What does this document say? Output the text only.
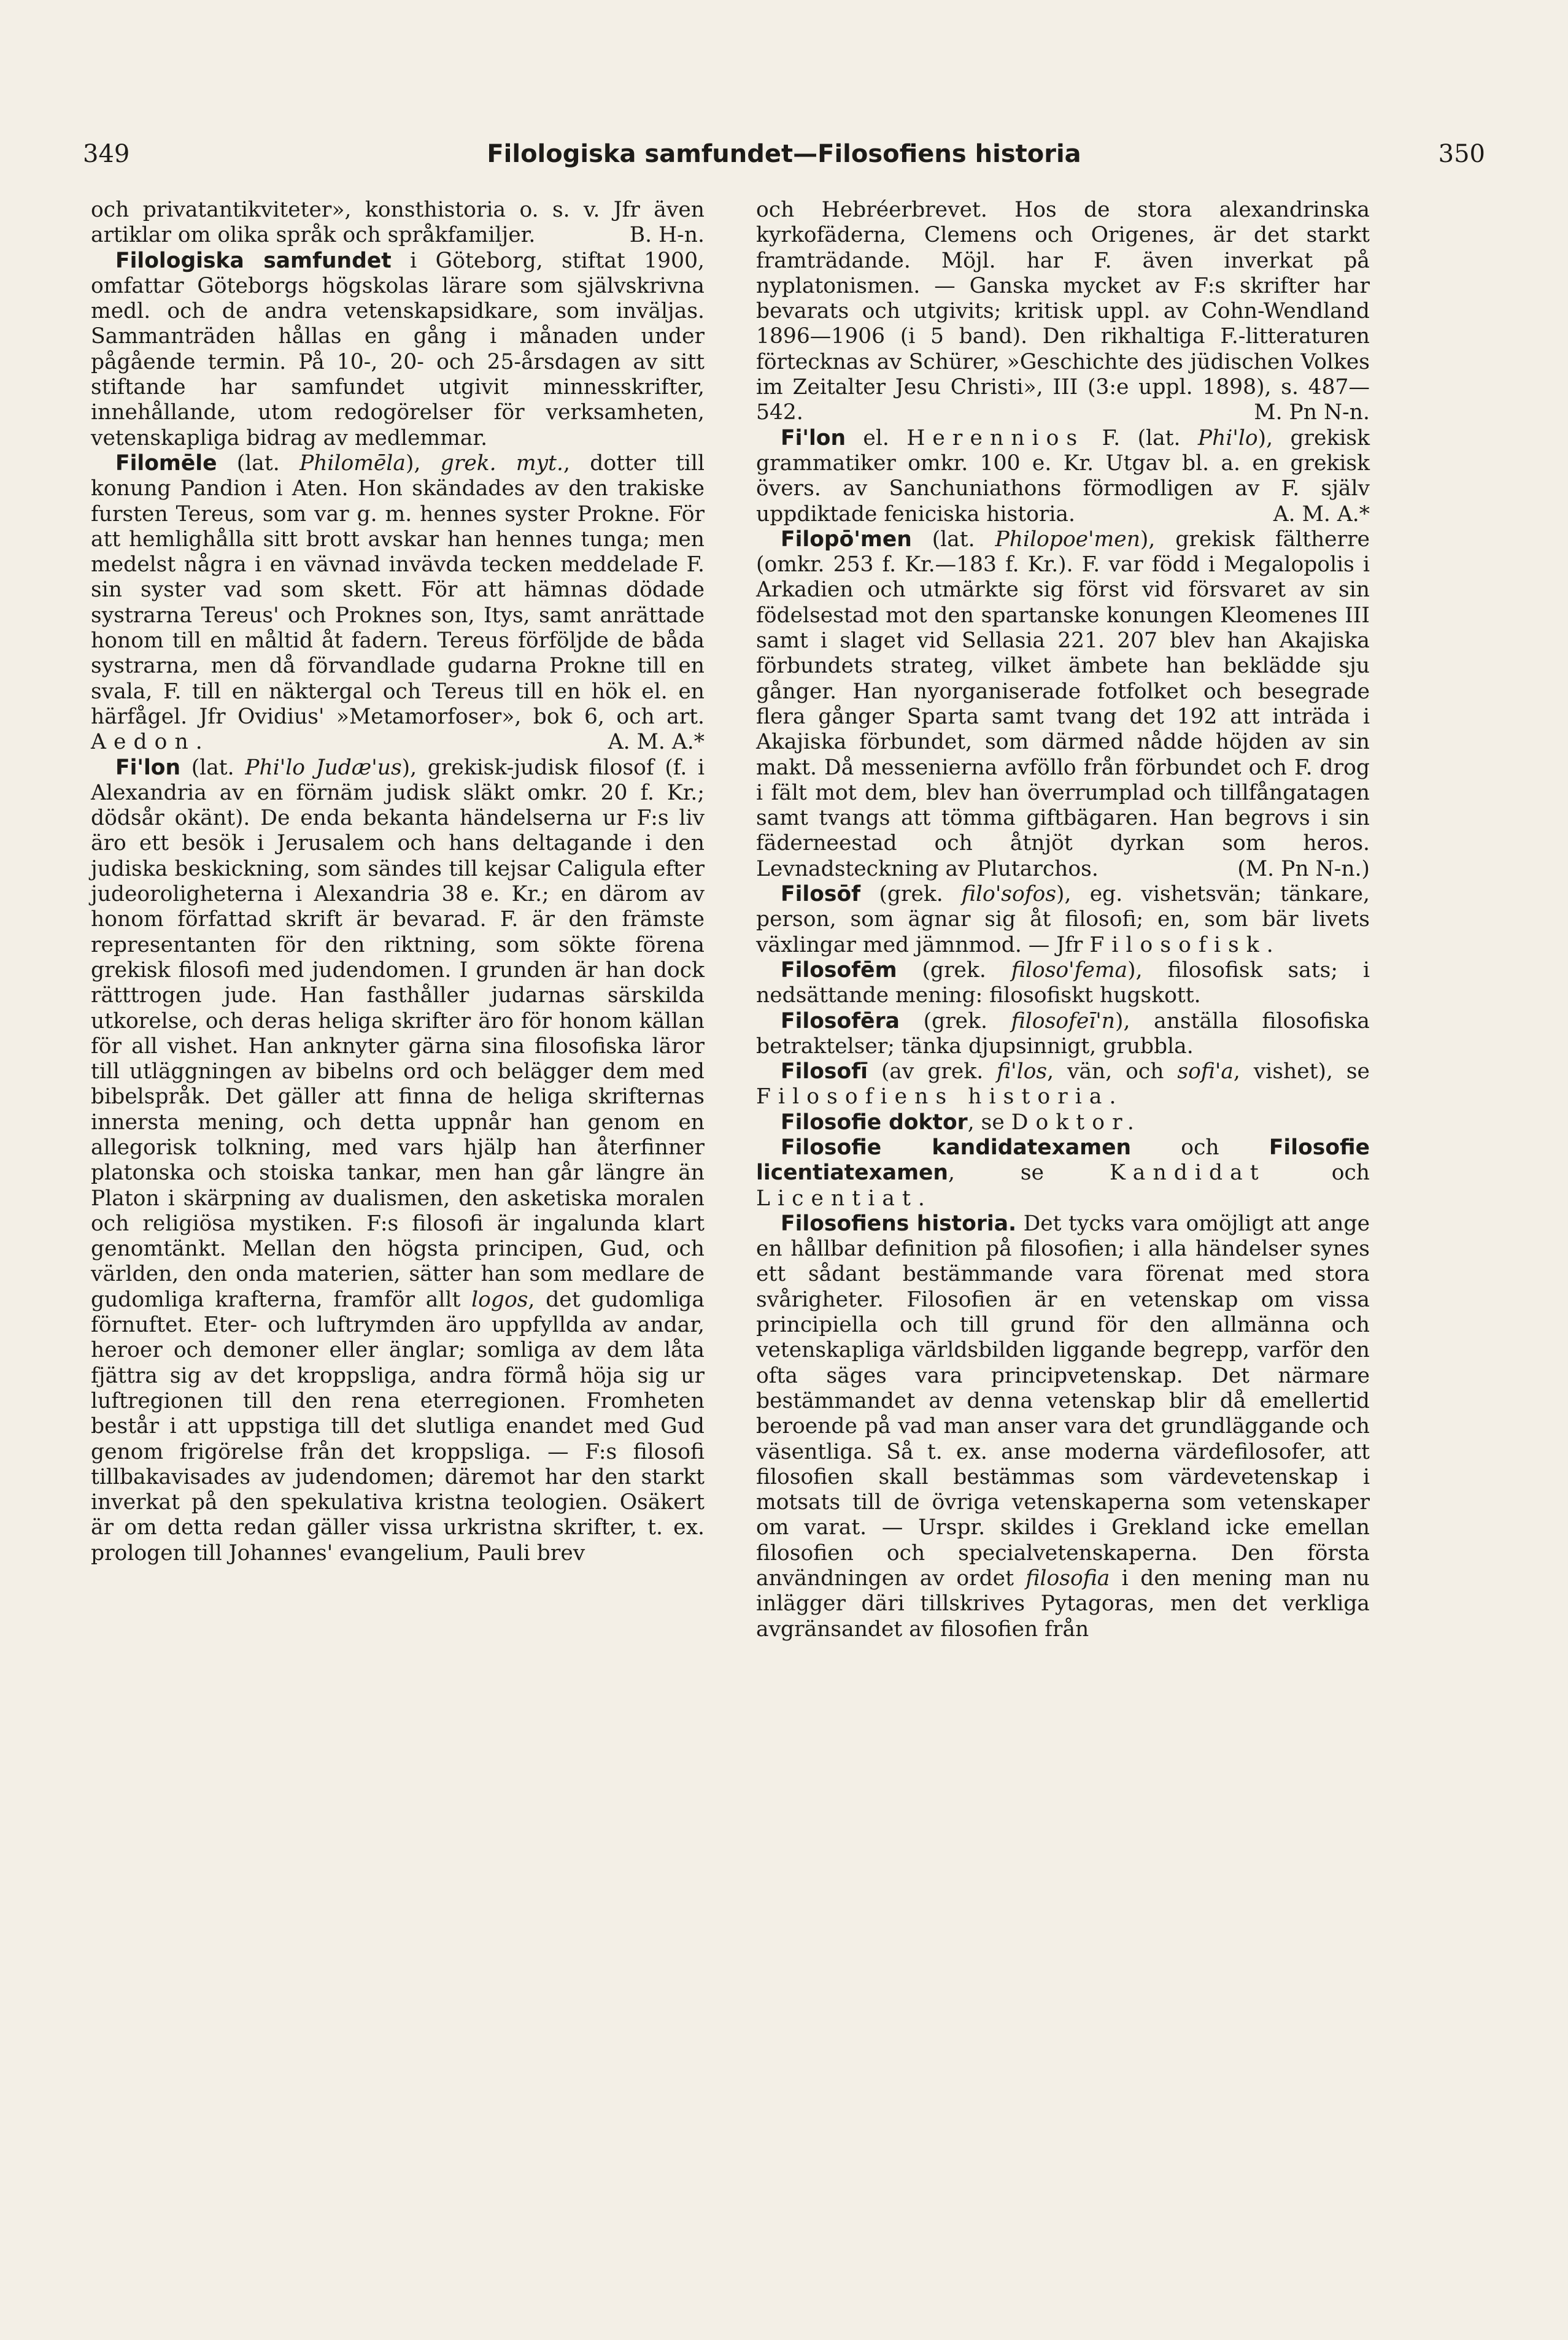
349	Filologiska samfundet—Filosofiens historia	350

och privatantikviteter», konsthistoria o. s. v. Jfr även artiklar om olika språk och språkfamiljer.	B. H-n.

Filologiska samfundet i Göteborg, stiftat 1900, omfattar Göteborgs högskolas lärare som självskrivna medl. och de andra vetenskapsidkare, som inväljas. Sammanträden hållas en gång i månaden under pågående termin. På 10-, 20- och 25-årsdagen av sitt stiftande har samfundet utgivit minnesskrifter, innehållande, utom redogörelser för verksamheten, vetenskapliga bidrag av medlemmar.

Filomēle (lat. Philomēla), grek. myt., dotter till konung Pandion i Aten. Hon skändades av den trakiske fursten Tereus, som var g. m. hennes syster Prokne. För att hemlighålla sitt brott avskar han hennes tunga; men medelst några i en vävnad invävda tecken meddelade F. sin syster vad som skett. För att hämnas dödade systrarna Tereus' och Proknes son, Itys, samt anrättade honom till en måltid åt fadern. Tereus förföljde de båda systrarna, men då förvandlade gudarna Prokne till en svala, F. till en näktergal och Tereus till en hök el. en härfågel. Jfr Ovidius' »Metamorfoser», bok 6, och art. Aedon.	A. M. A.*

Fi'lon (lat. Phi'lo Judæ'us), grekisk-judisk filosof (f. i Alexandria av en förnäm judisk släkt omkr. 20 f. Kr.; dödsår okänt). De enda bekanta händelserna ur F:s liv äro ett besök i Jerusalem och hans deltagande i den judiska beskickning, som sändes till kejsar Caligula efter judeoroligheterna i Alexandria 38 e. Kr.; en därom av honom författad skrift är bevarad. F. är den främste representanten för den riktning, som sökte förena grekisk filosofi med judendomen. I grunden är han dock rätttrogen jude. Han fasthåller judarnas särskilda utkorelse, och deras heliga skrifter äro för honom källan för all vishet. Han anknyter gärna sina filosofiska läror till utläggningen av bibelns ord och belägger dem med bibelspråk. Det gäller att finna de heliga skrifternas innersta mening, och detta uppnår han genom en allegorisk tolkning, med vars hjälp han återfinner platonska och stoiska tankar, men han går längre än Platon i skärpning av dualismen, den asketiska moralen och religiösa mystiken. F:s filosofi är ingalunda klart genomtänkt. Mellan den högsta principen, Gud, och världen, den onda materien, sätter han som medlare de gudomliga krafterna, framför allt logos, det gudomliga förnuftet. Eter- och luftrymden äro uppfyllda av andar, heroer och demoner eller änglar; somliga av dem låta fjättra sig av det kroppsliga, andra förmå höja sig ur luftregionen till den rena eterregionen. Fromheten består i att uppstiga till det slutliga enandet med Gud genom frigörelse från det kroppsliga. — F:s filosofi tillbakavisades av judendomen; däremot har den starkt inverkat på den spekulativa kristna teologien. Osäkert är om detta redan gäller vissa urkristna skrifter, t. ex. prologen till Johannes' evangelium, Pauli brev

och Hebréerbrevet. Hos de stora alexandrinska kyrkofäderna, Clemens och Origenes, är det starkt framträdande. Möjl. har F. även inverkat på nyplatonismen. — Ganska mycket av F:s skrifter har bevarats och utgivits; kritisk uppl. av Cohn-Wendland 1896—1906 (i 5 band). Den rikhaltiga F.-litteraturen förtecknas av Schürer, »Geschichte des jüdischen Volkes im Zeitalter Jesu Christi», III (3:e uppl. 1898), s. 487—542.	M. Pn N-n.

Fi'lon el. Herennios F. (lat. Phi'lo), grekisk grammatiker omkr. 100 e. Kr. Utgav bl. a. en grekisk övers. av Sanchuniathons förmodligen av F. själv uppdiktade feniciska historia.	A. M. A.*

Filopō'men (lat. Philopoe'men), grekisk fältherre (omkr. 253 f. Kr.—183 f. Kr.). F. var född i Megalopolis i Arkadien och utmärkte sig först vid försvaret av sin födelsestad mot den spartanske konungen Kleomenes III samt i slaget vid Sellasia 221. 207 blev han Akajiska förbundets strateg, vilket ämbete han beklädde sju gånger. Han nyorganiserade fotfolket och besegrade flera gånger Sparta samt tvang det 192 att inträda i Akajiska förbundet, som därmed nådde höjden av sin makt. Då messenierna avföllo från förbundet och F. drog i fält mot dem, blev han överrumplad och tillfångatagen samt tvangs att tömma giftbägaren. Han begrovs i sin fäderneestad och åtnjöt dyrkan som heros. Levnadsteckning av Plutarchos.	(M. Pn N-n.)

Filosōf (grek. filo'sofos), eg. vishetsvän; tänkare, person, som ägnar sig åt filosofi; en, som bär livets växlingar med jämnmod. — Jfr Filosofisk.

Filosofēm (grek. filoso'fema), filosofisk sats; i nedsättande mening: filosofiskt hugskott.

Filosofēra (grek. filosofeī'n), anställa filosofiska betraktelser; tänka djupsinnigt, grubbla.

Filosofī (av grek. fi'los, vän, och sofi'a, vishet), se Filosofiens historia.

Filosofie doktor, se Doktor.

Filosofie kandidatexamen och Filosofie licentiatexamen, se Kandidat och Licentiat.

Filosofiens historia. Det tycks vara omöjligt att ange en hållbar definition på filosofien; i alla händelser synes ett sådant bestämmande vara förenat med stora svårigheter. Filosofien är en vetenskap om vissa principiella och till grund för den allmänna och vetenskapliga världsbilden liggande begrepp, varför den ofta säges vara principvetenskap. Det närmare bestämmandet av denna vetenskap blir då emellertid beroende på vad man anser vara det grundläggande och väsentliga. Så t. ex. anse moderna värdefilosofer, att filosofien skall bestämmas som värdevetenskap i motsats till de övriga vetenskaperna som vetenskaper om varat. — Urspr. skildes i Grekland icke emellan filosofien och specialvetenskaperna. Den första användningen av ordet filosofia i den mening man nu inlägger däri tillskrives Pytagoras, men det verkliga avgränsandet av filosofien från
